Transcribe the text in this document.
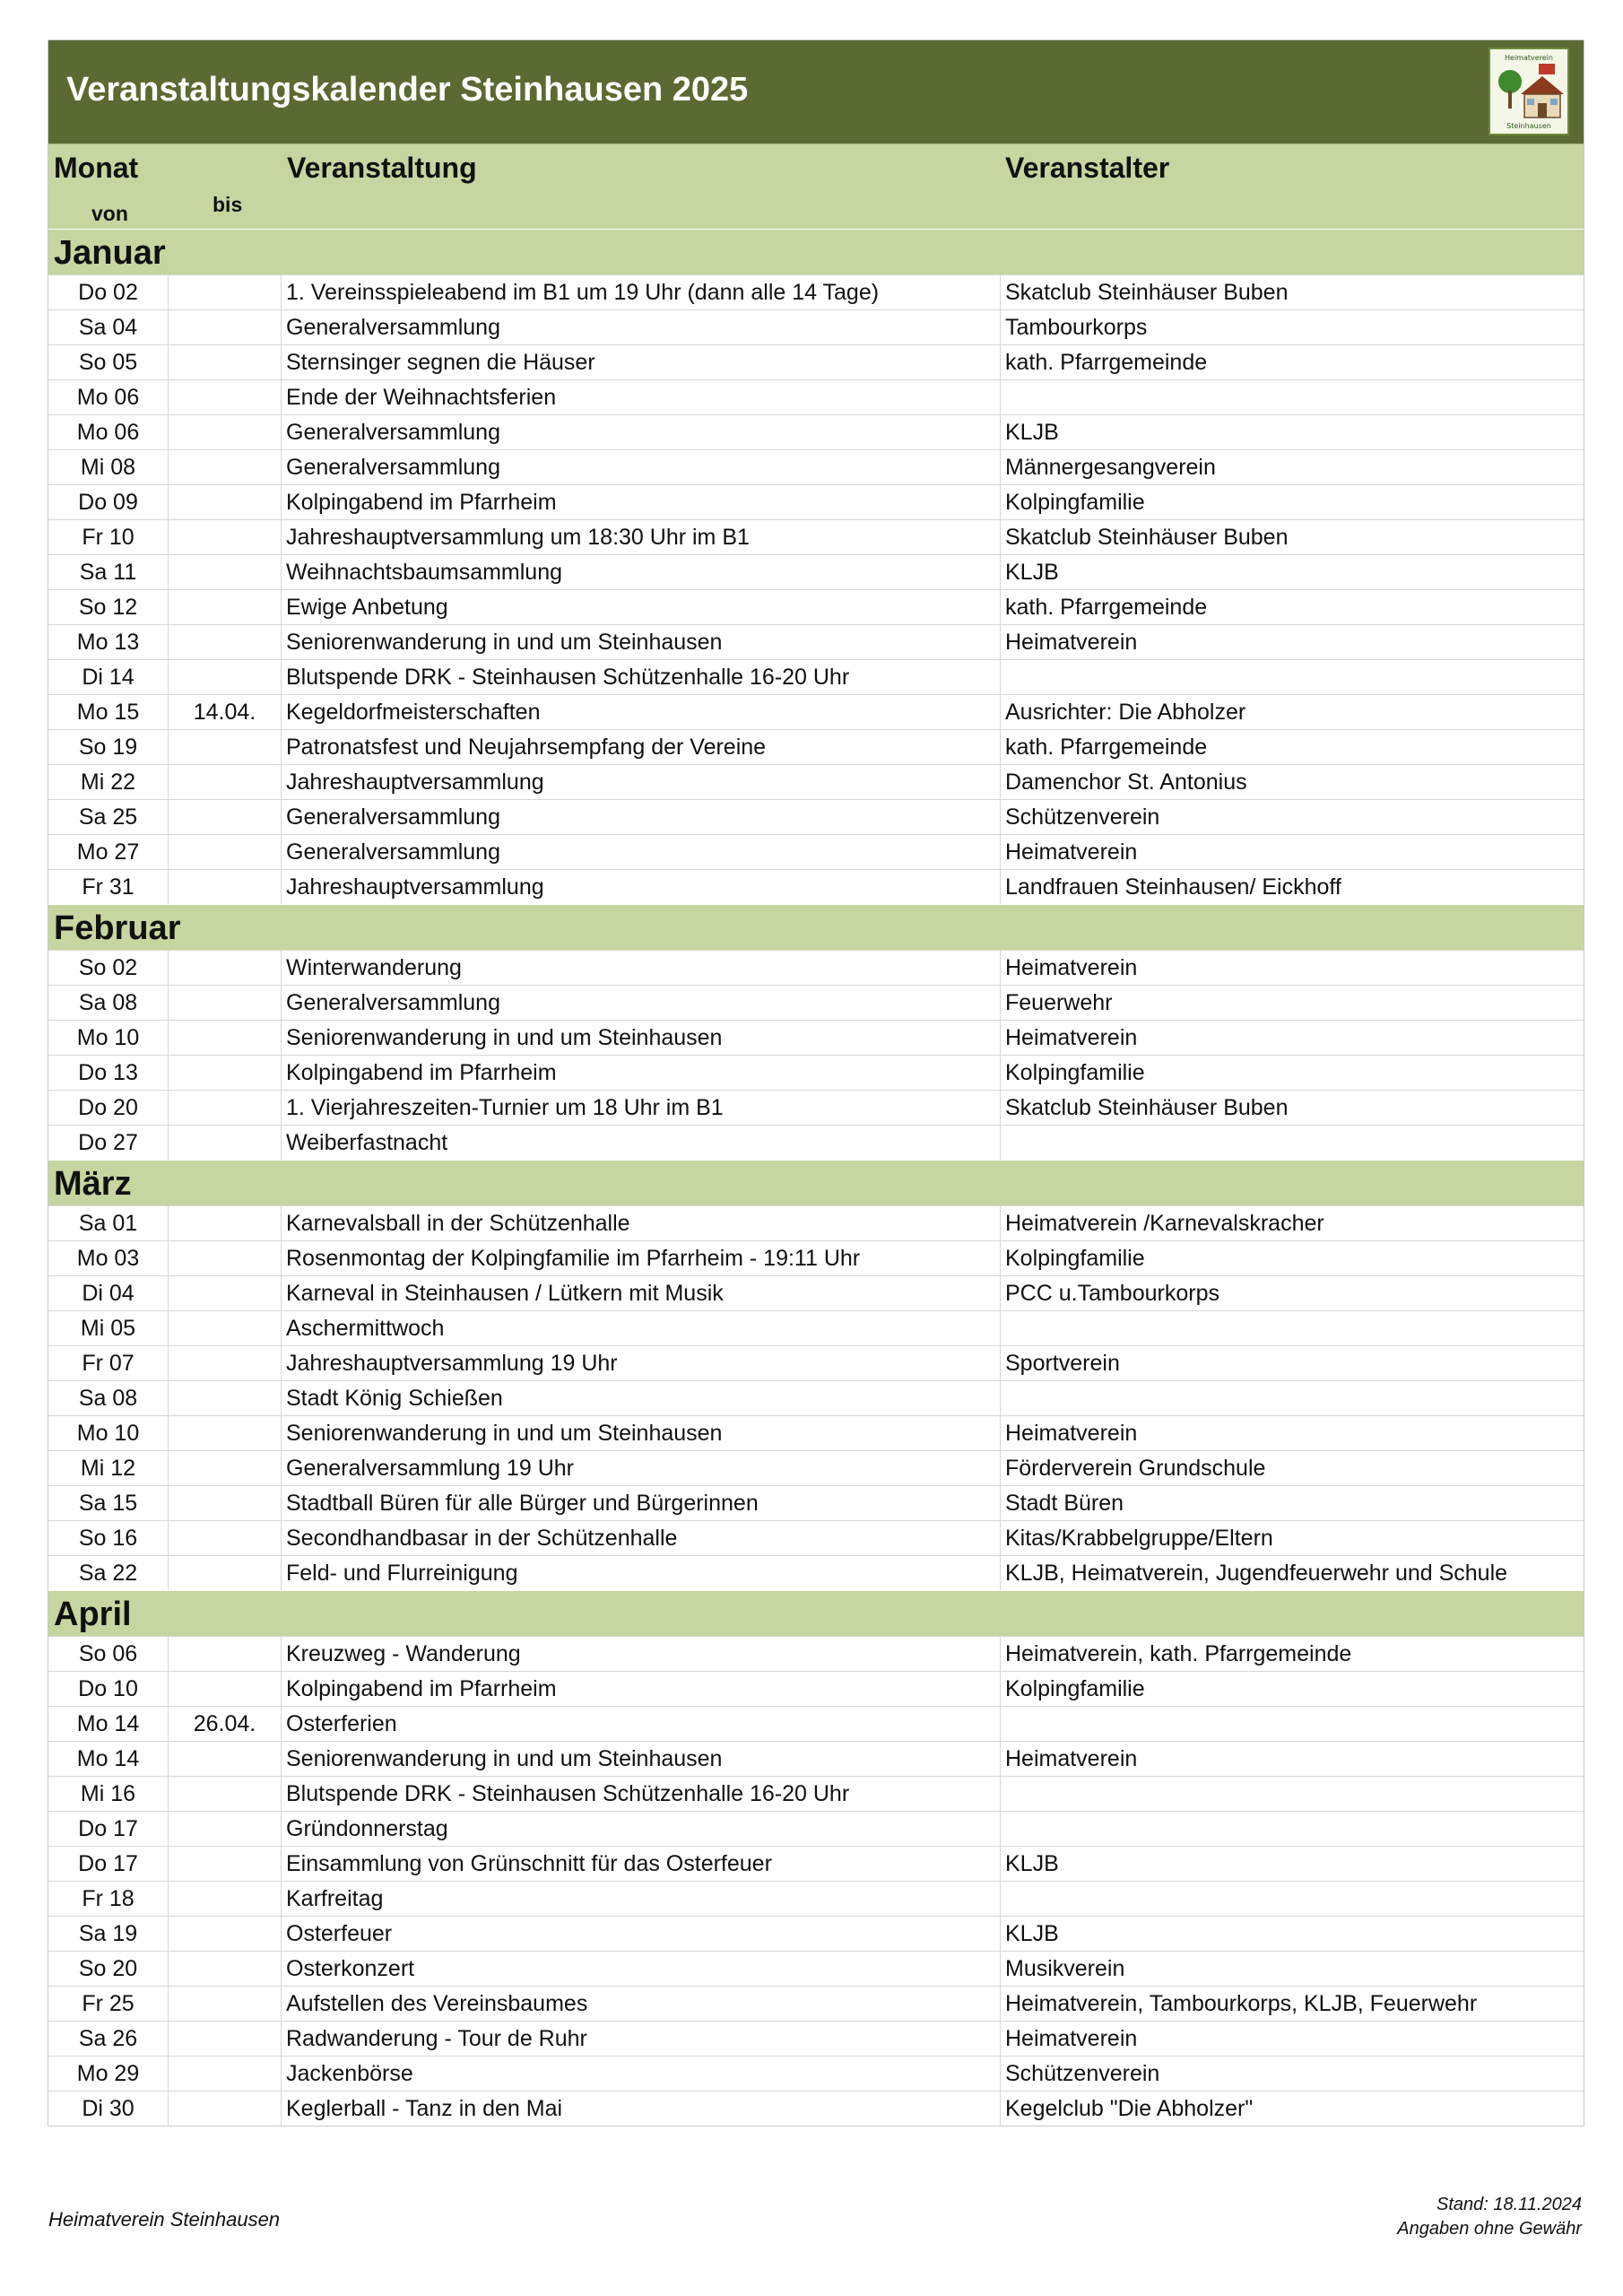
Veranstaltungskalender Steinhausen 2025
Heimatverein
Steinhausen
Monat	Veranstaltung	Veranstalter
von	bis
Januar
Do 02	1. Vereinsspieleabend im B1 um 19 Uhr (dann alle 14 Tage)	Skatclub Steinhäuser Buben
Sa 04	Generalversammlung	Tambourkorps
So 05	Sternsinger segnen die Häuser	kath. Pfarrgemeinde
Mo 06	Ende der Weihnachtsferien
Mo 06	Generalversammlung	KLJB
Mi 08	Generalversammlung	Männergesangverein
Do 09	Kolpingabend im Pfarrheim	Kolpingfamilie
Fr 10	Jahreshauptversammlung um 18:30 Uhr im B1	Skatclub Steinhäuser Buben
Sa 11	Weihnachtsbaumsammlung	KLJB
So 12	Ewige Anbetung	kath. Pfarrgemeinde
Mo 13	Seniorenwanderung in und um Steinhausen	Heimatverein
Di 14	Blutspende DRK - Steinhausen Schützenhalle 16-20 Uhr
Mo 15	14.04.	Kegeldorfmeisterschaften	Ausrichter: Die Abholzer
So 19	Patronatsfest und Neujahrsempfang der Vereine	kath. Pfarrgemeinde
Mi 22	Jahreshauptversammlung	Damenchor St. Antonius
Sa 25	Generalversammlung	Schützenverein
Mo 27	Generalversammlung	Heimatverein
Fr 31	Jahreshauptversammlung	Landfrauen Steinhausen/ Eickhoff
Februar
So 02	Winterwanderung	Heimatverein
Sa 08	Generalversammlung	Feuerwehr
Mo 10	Seniorenwanderung in und um Steinhausen	Heimatverein
Do 13	Kolpingabend im Pfarrheim	Kolpingfamilie
Do 20	1. Vierjahreszeiten-Turnier um 18 Uhr im B1	Skatclub Steinhäuser Buben
Do 27	Weiberfastnacht
März
Sa 01	Karnevalsball in der Schützenhalle	Heimatverein /Karnevalskracher
Mo 03	Rosenmontag der Kolpingfamilie im Pfarrheim - 19:11 Uhr	Kolpingfamilie
Di 04	Karneval in Steinhausen / Lütkern mit Musik	PCC u.Tambourkorps
Mi 05	Aschermittwoch
Fr 07	Jahreshauptversammlung 19 Uhr	Sportverein
Sa 08	Stadt König Schießen
Mo 10	Seniorenwanderung in und um Steinhausen	Heimatverein
Mi 12	Generalversammlung 19 Uhr	Förderverein Grundschule
Sa 15	Stadtball Büren für alle Bürger und Bürgerinnen	Stadt Büren
So 16	Secondhandbasar in der Schützenhalle	Kitas/Krabbelgruppe/Eltern
Sa 22	Feld- und Flurreinigung	KLJB, Heimatverein, Jugendfeuerwehr und Schule
April
So 06	Kreuzweg - Wanderung	Heimatverein, kath. Pfarrgemeinde
Do 10	Kolpingabend im Pfarrheim	Kolpingfamilie
Mo 14	26.04.	Osterferien
Mo 14	Seniorenwanderung in und um Steinhausen	Heimatverein
Mi 16	Blutspende DRK - Steinhausen Schützenhalle 16-20 Uhr
Do 17	Gründonnerstag
Do 17	Einsammlung von Grünschnitt für das Osterfeuer	KLJB
Fr 18	Karfreitag
Sa 19	Osterfeuer	KLJB
So 20	Osterkonzert	Musikverein
Fr 25	Aufstellen des Vereinsbaumes	Heimatverein, Tambourkorps, KLJB, Feuerwehr
Sa 26	Radwanderung - Tour de Ruhr	Heimatverein
Mo 29	Jackenbörse	Schützenverein
Di 30	Keglerball - Tanz in den Mai	Kegelclub "Die Abholzer"
Heimatverein Steinhausen
Stand: 18.11.2024
Angaben ohne Gewähr
